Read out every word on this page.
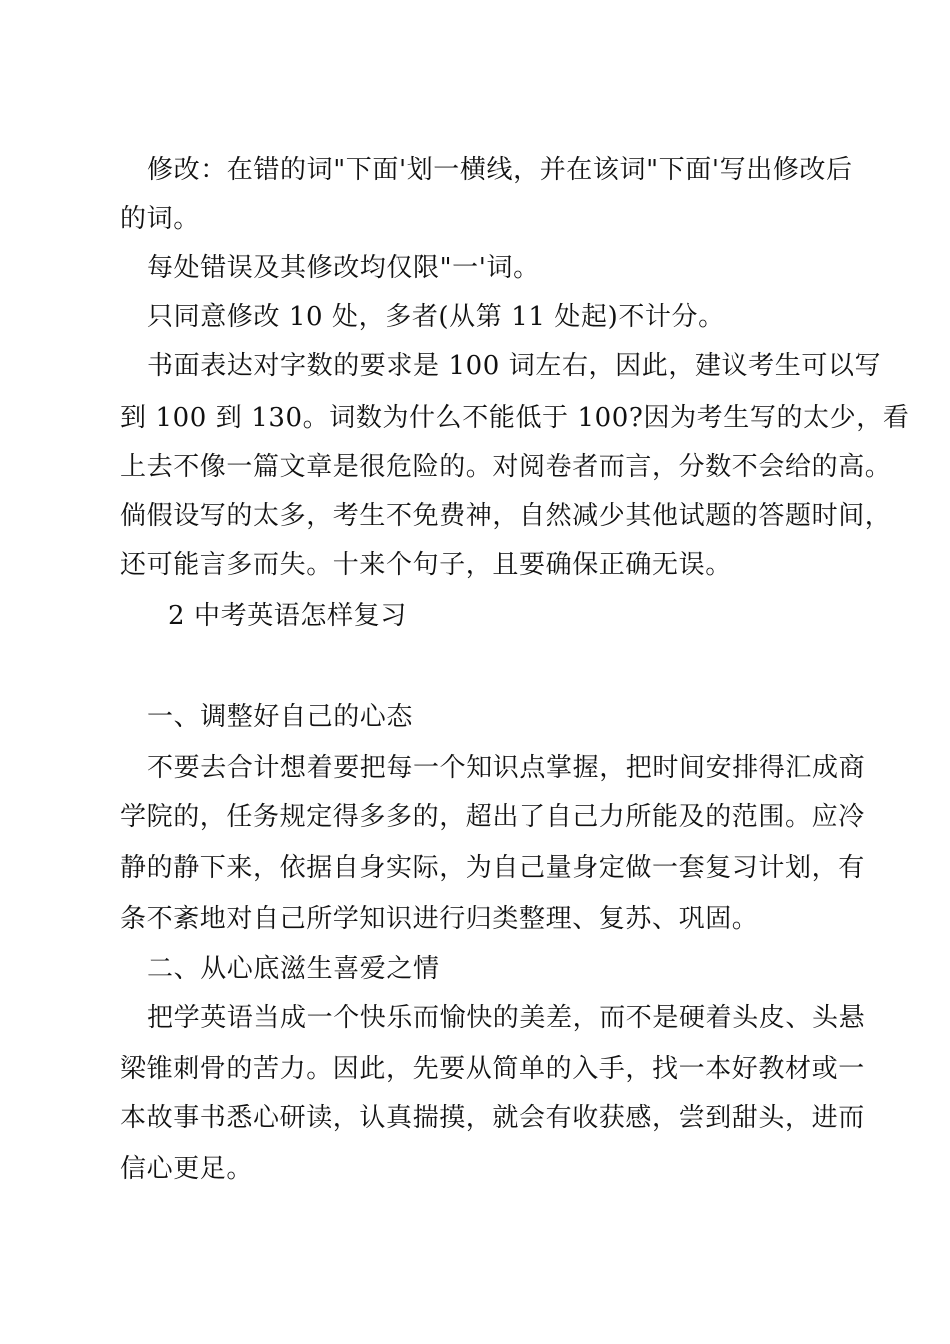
修改：在错的词"下面'划一横线，并在该词"下面'写出修改后
的词。
每处错误及其修改均仅限"一'词。
只同意修改 10 处，多者(从第 11 处起)不计分。
书面表达对字数的要求是 100 词左右，因此，建议考生可以写
到 100 到 130。词数为什么不能低于 100?因为考生写的太少，看
上去不像一篇文章是很危险的。对阅卷者而言，分数不会给的高。
倘假设写的太多，考生不免费神，自然减少其他试题的答题时间，
还可能言多而失。十来个句子，且要确保正确无误。
2 中考英语怎样复习
一、调整好自己的心态
不要去合计想着要把每一个知识点掌握，把时间安排得汇成商
学院的，任务规定得多多的，超出了自己力所能及的范围。应冷
静的静下来，依据自身实际，为自己量身定做一套复习计划，有
条不紊地对自己所学知识进行归类整理、复苏、巩固。
二、从心底滋生喜爱之情
把学英语当成一个快乐而愉快的美差，而不是硬着头皮、头悬
梁锥刺骨的苦力。因此，先要从简单的入手，找一本好教材或一
本故事书悉心研读，认真揣摸，就会有收获感，尝到甜头，进而
信心更足。
